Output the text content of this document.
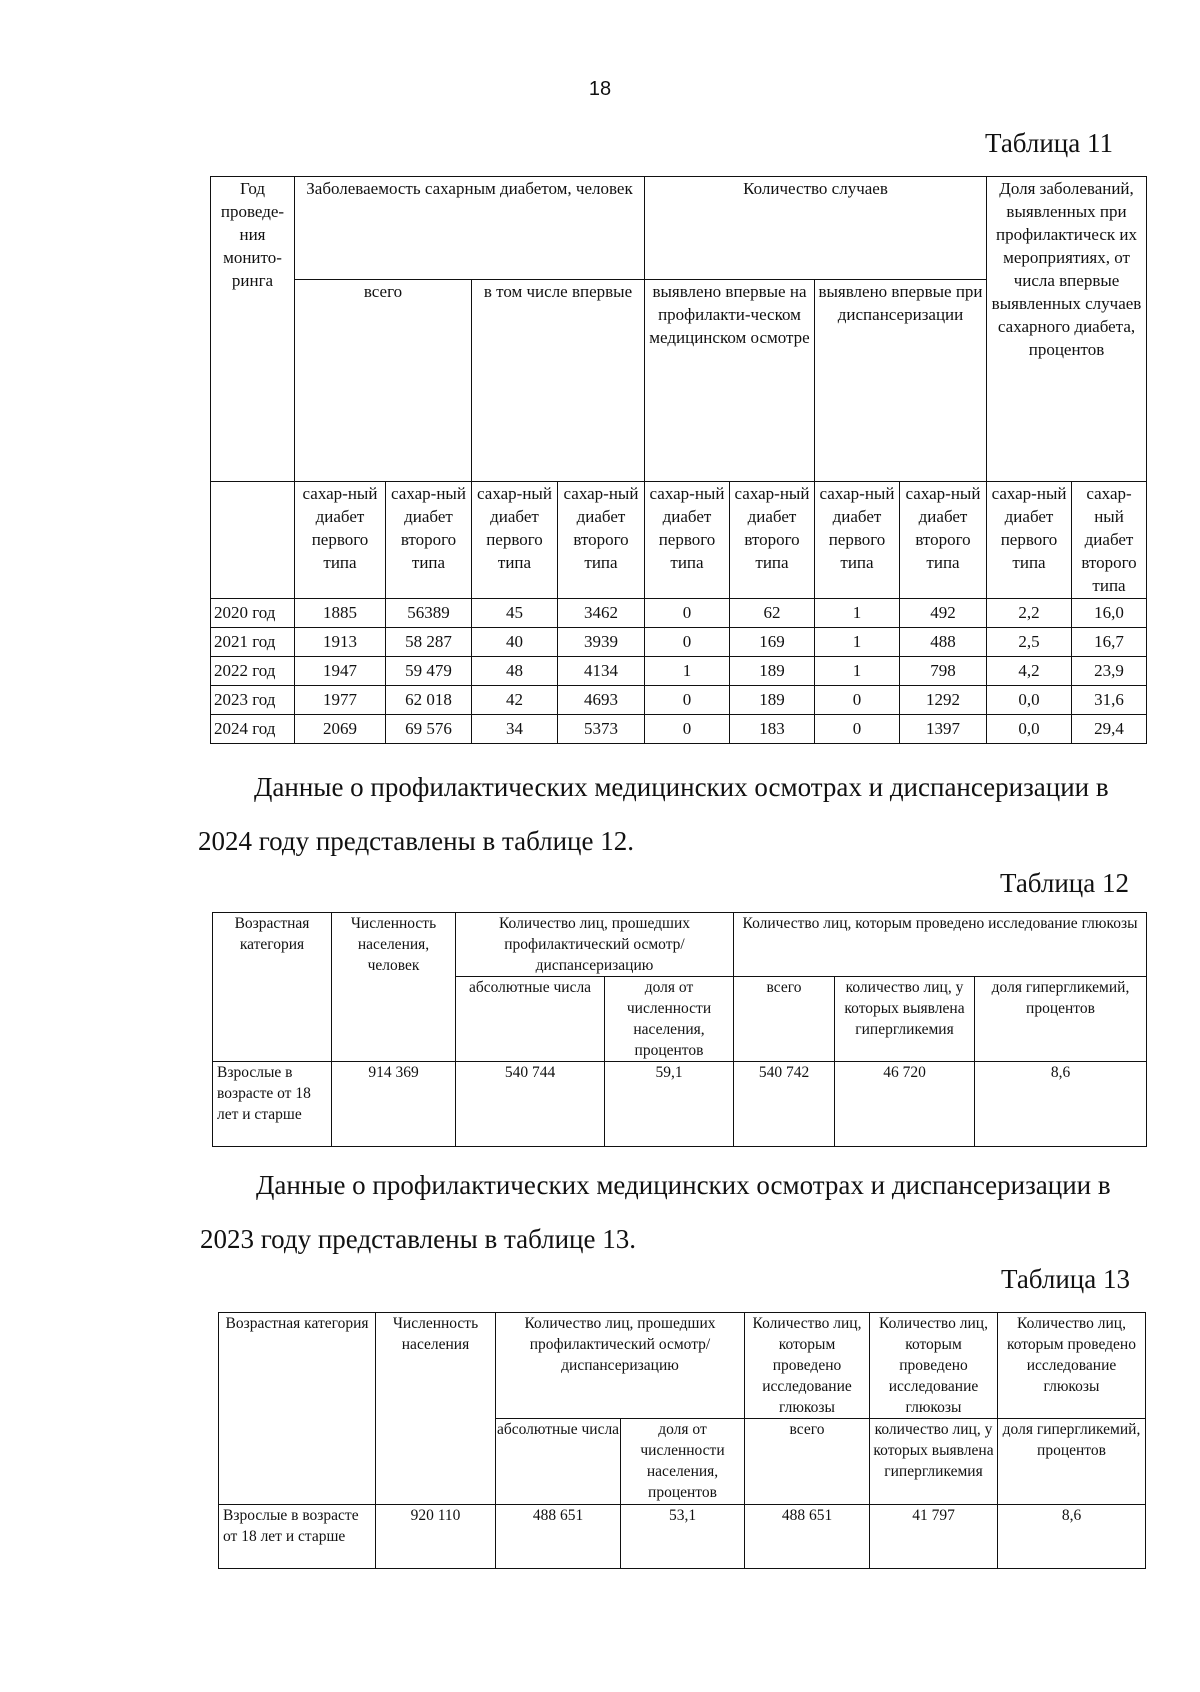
18
Таблица 11
Год проведе-ния монито-ринга	Заболеваемость сахарным диабетом, человек				Количество случаев				Доля заболеваний, выявленных при профилактическ их мероприятиях, от числа впервые выявленных случаев сахарного диабета, процентов	
	всего		в том числе впервые		выявлено впервые на профилакти-ческом медицинском осмотре		выявлено впервые при диспансеризации			
	сахар-ный диабет первого типа	сахар-ный диабет второго типа	сахар-ный диабет первого типа	сахар-ный диабет второго типа	сахар-ный диабет первого типа	сахар-ный диабет второго типа	сахар-ный диабет первого типа	сахар-ный диабет второго типа	сахар-ный диабет первого типа	сахар-ный диабет второго типа
2020 год	1885	56389	45	3462	0	62	1	492	2,2	16,0
2021 год	1913	58 287	40	3939	0	169	1	488	2,5	16,7
2022 год	1947	59 479	48	4134	1	189	1	798	4,2	23,9
2023 год	1977	62 018	42	4693	0	189	0	1292	0,0	31,6
2024 год	2069	69 576	34	5373	0	183	0	1397	0,0	29,4
Данные о профилактических медицинских осмотрах и диспансеризации в
2024 году представлены в таблице 12.
Таблица 12
Возрастная категория	Численность населения, человек	Количество лиц, прошедших профилактический осмотр/ диспансеризацию		Количество лиц, которым проведено исследование глюкозы		
		абсолютные числа	доля от численности населения, процентов	всего	количество лиц, у которых выявлена гипергликемия	доля гипергликемий, процентов
Взрослые в возрасте от 18 лет и старше	914 369	540 744	59,1	540 742	46 720	8,6
Данные о профилактических медицинских осмотрах и диспансеризации в
2023 году представлены в таблице 13.
Таблица 13
Возрастная категория	Численность населения	Количество лиц, прошедших профилактический осмотр/ диспансеризацию		Количество лиц, которым проведено исследование глюкозы	Количество лиц, которым проведено исследование глюкозы	Количество лиц, которым проведено исследование глюкозы
		абсолютные числа	доля от численности населения, процентов	всего	количество лиц, у которых выявлена гипергликемия	доля гипергликемий, процентов
Взрослые в возрасте от 18 лет и старше	920 110	488 651	53,1	488 651	41 797	8,6
